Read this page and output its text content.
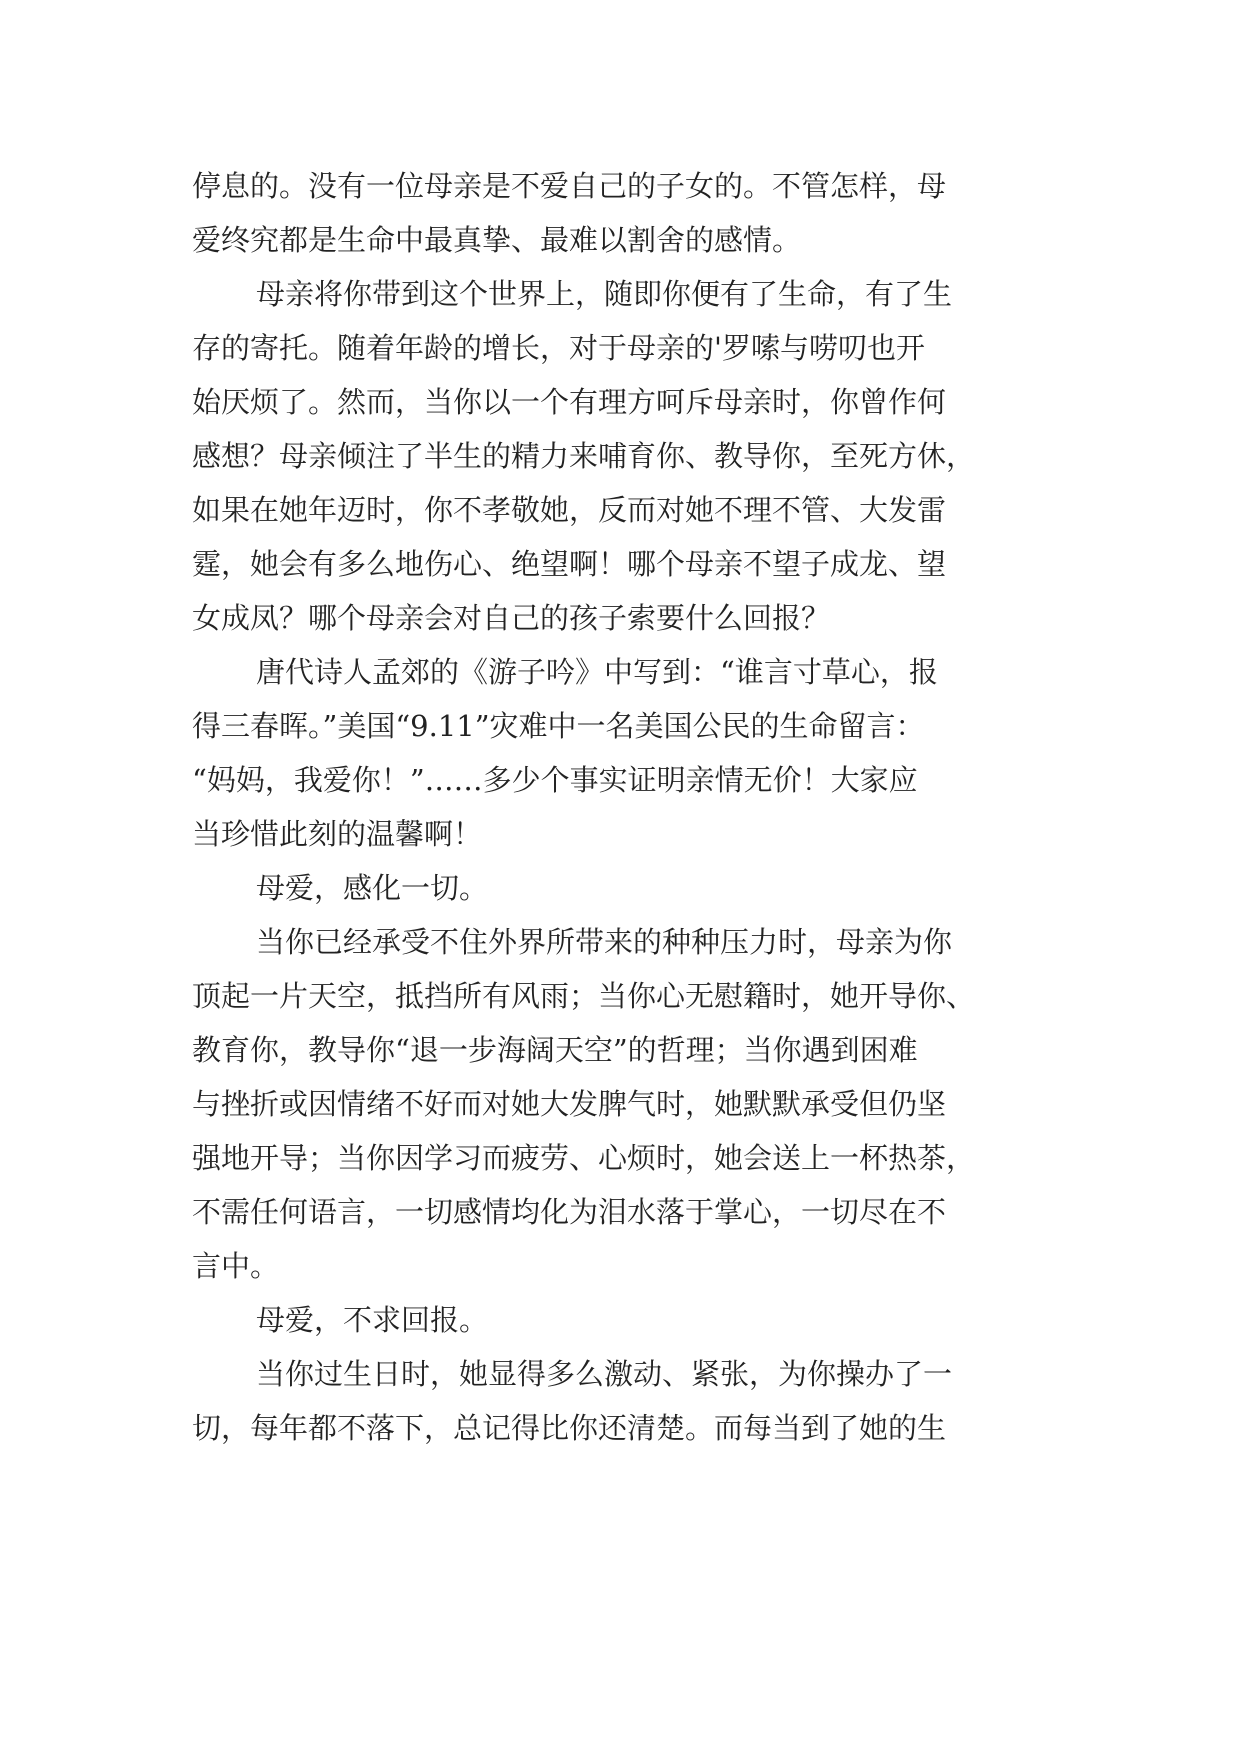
停息的。没有一位母亲是不爱自己的子女的。不管怎样，母
爱终究都是生命中最真挚、最难以割舍的感情。
母亲将你带到这个世界上，随即你便有了生命，有了生
存的寄托。随着年龄的增长，对于母亲的'罗嗦与唠叨也开
始厌烦了。然而，当你以一个有理方呵斥母亲时，你曾作何
感想？母亲倾注了半生的精力来哺育你、教导你，至死方休，
如果在她年迈时，你不孝敬她，反而对她不理不管、大发雷
霆，她会有多么地伤心、绝望啊！哪个母亲不望子成龙、望
女成凤？哪个母亲会对自己的孩子索要什么回报？
唐代诗人孟郊的《游子吟》中写到：“谁言寸草心，报
得三春晖。”美国“9.11”灾难中一名美国公民的生命留言：
“妈妈，我爱你！”……多少个事实证明亲情无价！大家应
当珍惜此刻的温馨啊！
母爱，感化一切。
当你已经承受不住外界所带来的种种压力时，母亲为你
顶起一片天空，抵挡所有风雨；当你心无慰籍时，她开导你、
教育你，教导你“退一步海阔天空”的哲理；当你遇到困难
与挫折或因情绪不好而对她大发脾气时，她默默承受但仍坚
强地开导；当你因学习而疲劳、心烦时，她会送上一杯热茶，
不需任何语言，一切感情均化为泪水落于掌心，一切尽在不
言中。
母爱，不求回报。
当你过生日时，她显得多么激动、紧张，为你操办了一
切，每年都不落下，总记得比你还清楚。而每当到了她的生
